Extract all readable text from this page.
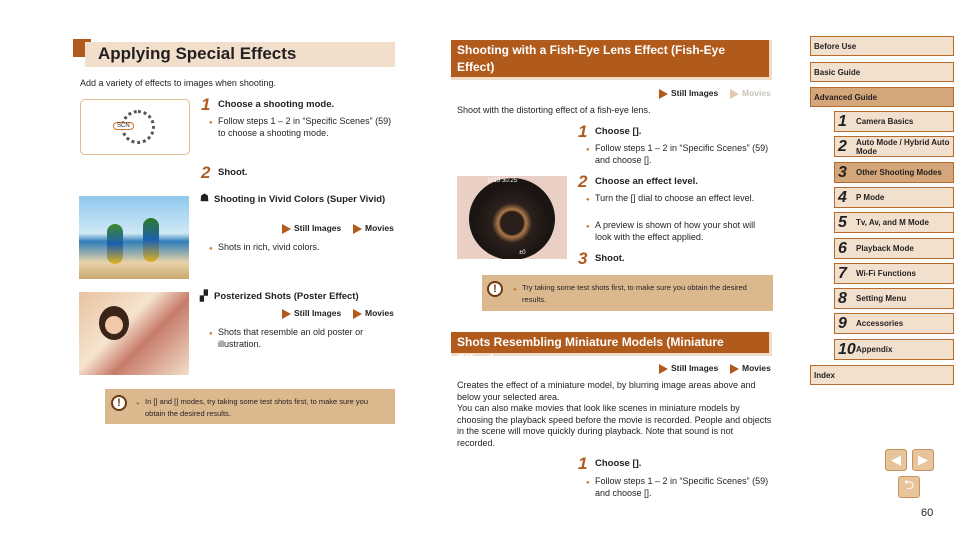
Applying Special Effects
Add a variety of effects to images when shooting.
SCN
1 Choose a shooting mode.
● Follow steps 1 – 2 in “Specific Scenes” (59) to choose a shooting mode.
2 Shoot.
☗ Shooting in Vivid Colors (Super Vivid)
Still Images	Movies
● Shots in rich, vivid colors.
▞ Posterized Shots (Poster Effect)
Still Images	Movies
● Shots that resemble an old poster or illustration.
!	● In [] and [] modes, try taking some test shots first, to make sure you obtain the desired results.
Shooting with a Fish-Eye Lens Effect (Fish-Eye Effect)
Still Images	Movies
Shoot with the distorting effect of a fish-eye lens.
1 Choose [].
● Follow steps 1 – 2 in “Specific Scenes” (59) and choose [].
1015 30:25
±0
2 Choose an effect level.
● Turn the [] dial to choose an effect level.
● A preview is shown of how your shot will look with the effect applied.
3 Shoot.
!	● Try taking some test shots first, to make sure you obtain the desired results.
Shots Resembling Miniature Models (Miniature Effect)
Still Images	Movies
Creates the effect of a miniature model, by blurring image areas above and below your selected area.
You can also make movies that look like scenes in miniature models by choosing the playback speed before the movie is recorded. People and objects in the scene will move quickly during playback. Note that sound is not recorded.
1 Choose [].
● Follow steps 1 – 2 in “Specific Scenes” (59) and choose [].
Before Use
Basic Guide
Advanced Guide
1	Camera Basics
2	Auto Mode / Hybrid Auto Mode
3	Other Shooting Modes
4	P Mode
5	Tv, Av, and M Mode
6	Playback Mode
7	Wi-Fi Functions
8	Setting Menu
9	Accessories
10 Appendix
Index
◀ ▶
⮌
60
